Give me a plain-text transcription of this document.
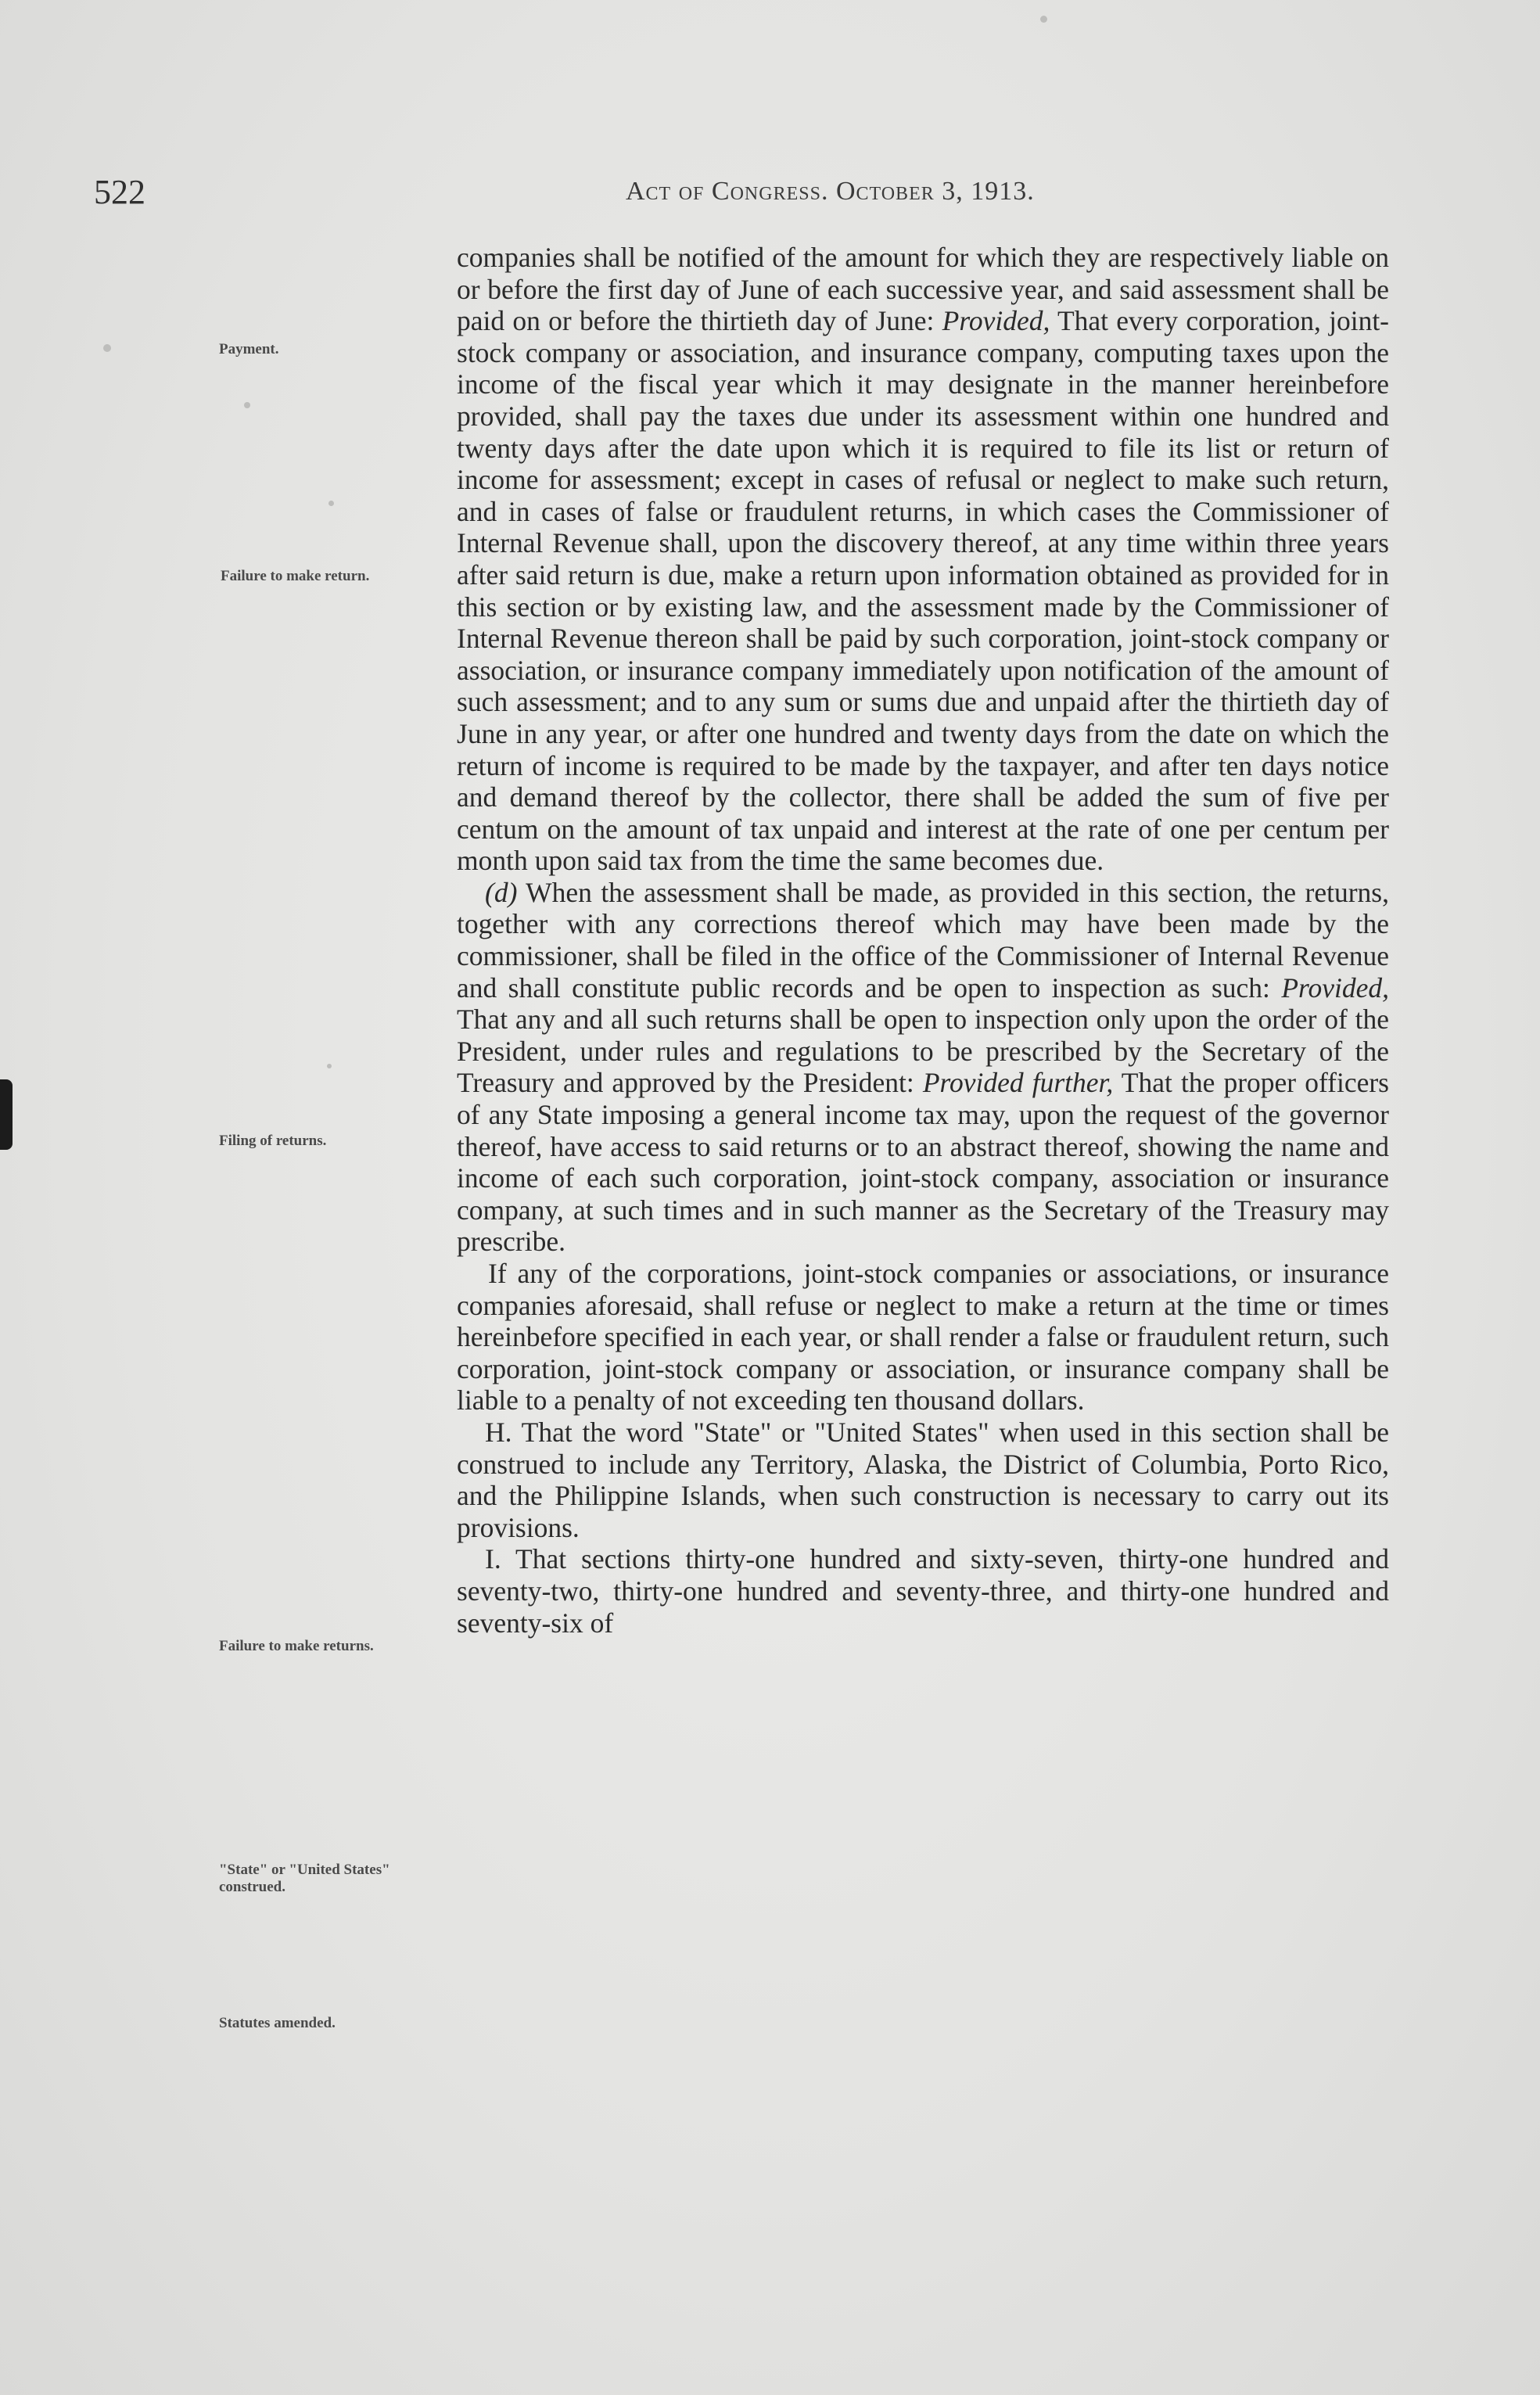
522	Act of Congress. October 3, 1913.
Payment.
Failure to make return.
Filing of returns.
Failure to make returns.
"State" or "United States" construed.
Statutes amended.

companies shall be notified of the amount for which they are respectively liable on or before the first day of June of each successive year, and said assessment shall be paid on or before the thirtieth day of June: Provided, That every corporation, joint-stock company or association, and insurance company, computing taxes upon the income of the fiscal year which it may designate in the manner hereinbefore provided, shall pay the taxes due under its assessment within one hundred and twenty days after the date upon which it is required to file its list or return of income for assessment; except in cases of refusal or neglect to make such return, and in cases of false or fraudulent returns, in which cases the Commissioner of Internal Revenue shall, upon the discovery thereof, at any time within three years after said return is due, make a return upon information obtained as provided for in this section or by existing law, and the assessment made by the Commissioner of Internal Revenue thereon shall be paid by such corporation, joint-stock company or association, or insurance company immediately upon notification of the amount of such assessment; and to any sum or sums due and unpaid after the thirtieth day of June in any year, or after one hundred and twenty days from the date on which the return of income is required to be made by the taxpayer, and after ten days notice and demand thereof by the collector, there shall be added the sum of five per centum on the amount of tax unpaid and interest at the rate of one per centum per month upon said tax from the time the same becomes due.

(d) When the assessment shall be made, as provided in this section, the returns, together with any corrections thereof which may have been made by the commissioner, shall be filed in the office of the Commissioner of Internal Revenue and shall constitute public records and be open to inspection as such: Provided, That any and all such returns shall be open to inspection only upon the order of the President, under rules and regulations to be prescribed by the Secretary of the Treasury and approved by the President: Provided further, That the proper officers of any State imposing a general income tax may, upon the request of the governor thereof, have access to said returns or to an abstract thereof, showing the name and income of each such corporation, joint-stock company, association or insurance company, at such times and in such manner as the Secretary of the Treasury may prescribe.

If any of the corporations, joint-stock companies or associations, or insurance companies aforesaid, shall refuse or neglect to make a return at the time or times hereinbefore specified in each year, or shall render a false or fraudulent return, such corporation, joint-stock company or association, or insurance company shall be liable to a penalty of not exceeding ten thousand dollars.

H. That the word "State" or "United States" when used in this section shall be construed to include any Territory, Alaska, the District of Columbia, Porto Rico, and the Philippine Islands, when such construction is necessary to carry out its provisions.

I. That sections thirty-one hundred and sixty-seven, thirty-one hundred and seventy-two, thirty-one hundred and seventy-three, and thirty-one hundred and seventy-six of
